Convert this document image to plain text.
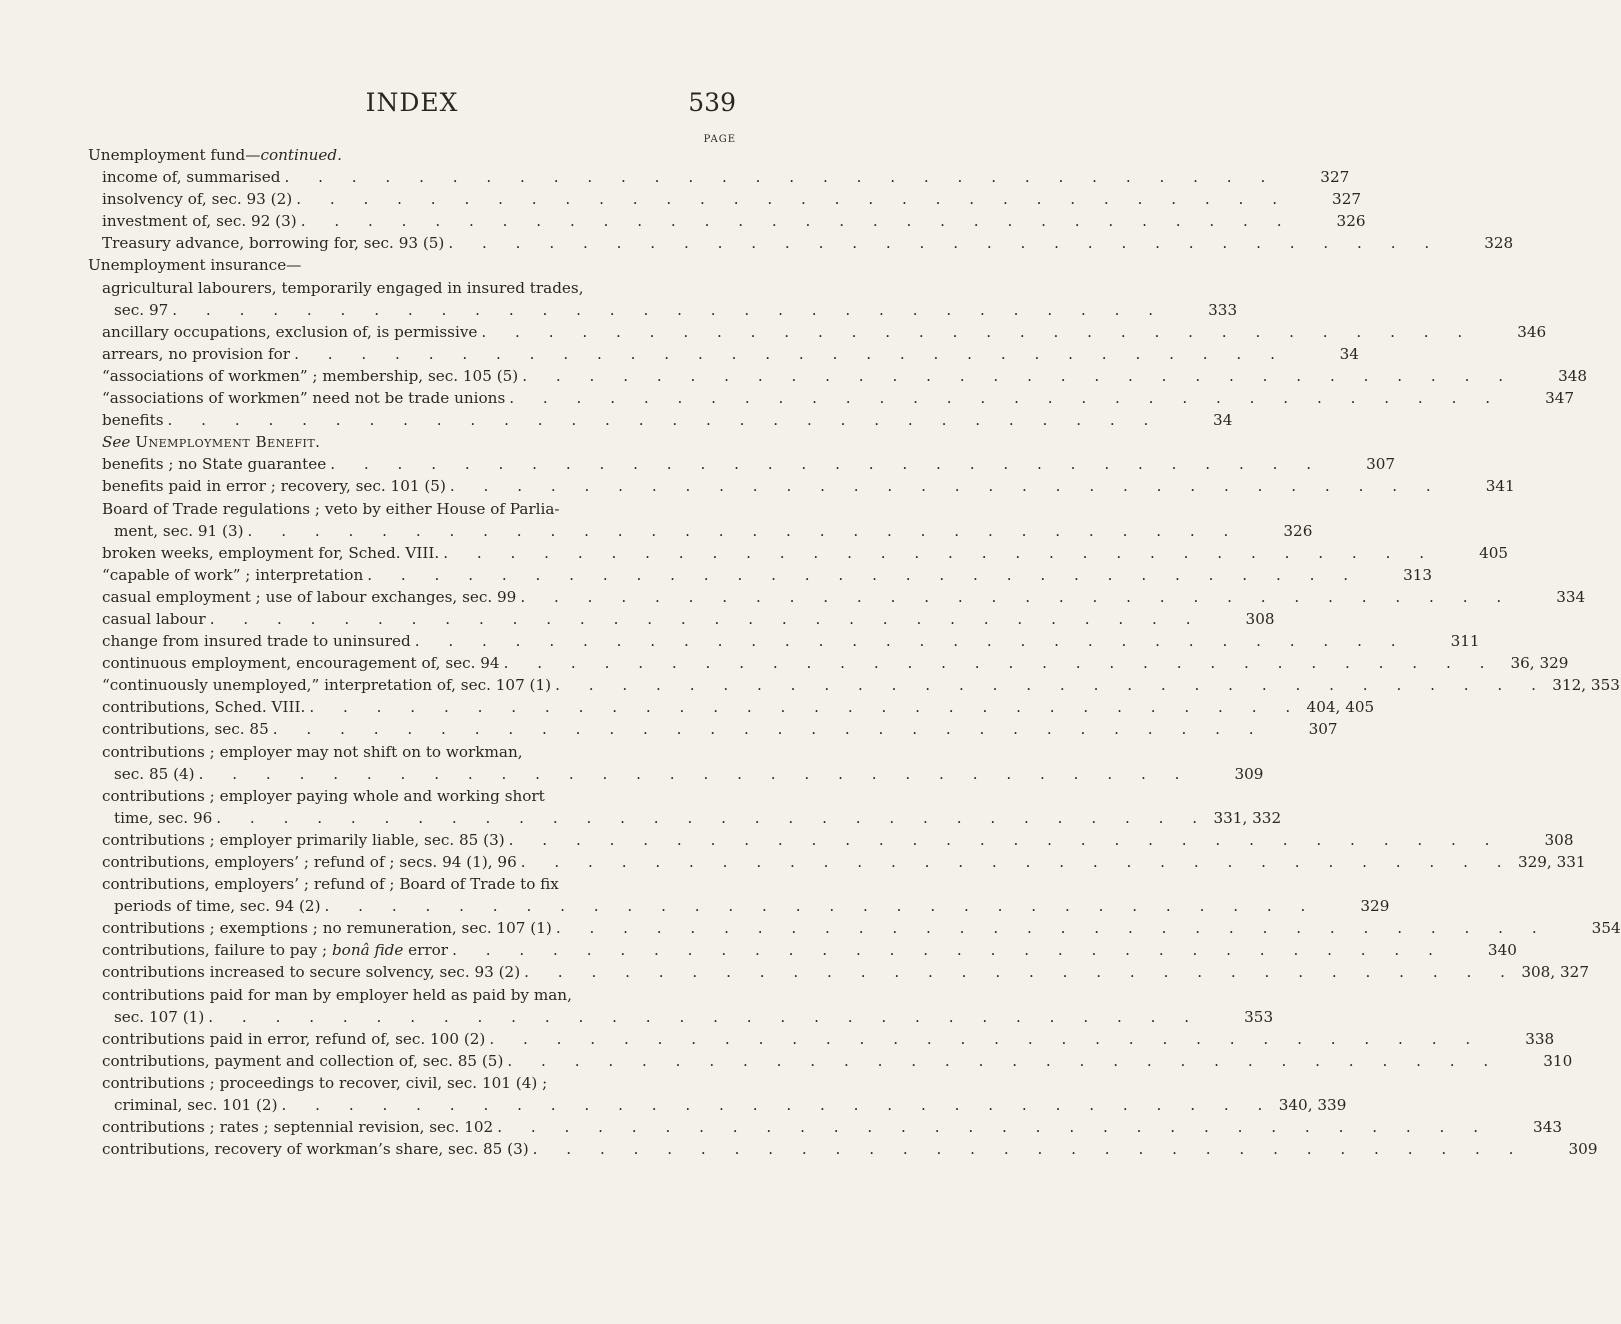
INDEX	539
PAGE
Unemployment fund—continued.
income of, summarised . . . . . . . . . . . . . . . . . . . . . . . . . . . . . .	327
insolvency of, sec. 93 (2) . . . . . . . . . . . . . . . . . . . . . . . . . . . . . .	327
investment of, sec. 92 (3) . . . . . . . . . . . . . . . . . . . . . . . . . . . . . .	326
Treasury advance, borrowing for, sec. 93 (5) . . . . . . . . . . . . . . . . . . . . . . . . . . . . . .	328
Unemployment insurance—
agricultural labourers, temporarily engaged in insured trades,
sec. 97 . . . . . . . . . . . . . . . . . . . . . . . . . . . . . .	333
ancillary occupations, exclusion of, is permissive . . . . . . . . . . . . . . . . . . . . . . . . . . . . . .	346
arrears, no provision for . . . . . . . . . . . . . . . . . . . . . . . . . . . . . .	34
“associations of workmen” ; membership, sec. 105 (5) . . . . . . . . . . . . . . . . . . . . . . . . . . . . . .	348
“associations of workmen” need not be trade unions . . . . . . . . . . . . . . . . . . . . . . . . . . . . . .	347
benefits . . . . . . . . . . . . . . . . . . . . . . . . . . . . . .	34
See Unemployment Benefit.
benefits ; no State guarantee . . . . . . . . . . . . . . . . . . . . . . . . . . . . . .	307
benefits paid in error ; recovery, sec. 101 (5) . . . . . . . . . . . . . . . . . . . . . . . . . . . . . .	341
Board of Trade regulations ; veto by either House of Parlia-
ment, sec. 91 (3) . . . . . . . . . . . . . . . . . . . . . . . . . . . . . .	326
broken weeks, employment for, Sched. VIII. . . . . . . . . . . . . . . . . . . . . . . . . . . . . . .	405
“capable of work” ; interpretation . . . . . . . . . . . . . . . . . . . . . . . . . . . . . .	313
casual employment ; use of labour exchanges, sec. 99 . . . . . . . . . . . . . . . . . . . . . . . . . . . . . .	334
casual labour . . . . . . . . . . . . . . . . . . . . . . . . . . . . . .	308
change from insured trade to uninsured . . . . . . . . . . . . . . . . . . . . . . . . . . . . . .	311
continuous employment, encouragement of, sec. 94 . . . . . . . . . . . . . . . . . . . . . . . . . . . . . . 36, 329
“continuously unemployed,” interpretation of, sec. 107 (1) . . . . . . . . . . . . . . . . . . . . . . . . . . . . . . 312, 353
contributions, Sched. VIII. . . . . . . . . . . . . . . . . . . . . . . . . . . . . . . 404, 405
contributions, sec. 85 . . . . . . . . . . . . . . . . . . . . . . . . . . . . . .	307
contributions ; employer may not shift on to workman,
sec. 85 (4) . . . . . . . . . . . . . . . . . . . . . . . . . . . . . .	309
contributions ; employer paying whole and working short
time, sec. 96 . . . . . . . . . . . . . . . . . . . . . . . . . . . . . . 331, 332
contributions ; employer primarily liable, sec. 85 (3) . . . . . . . . . . . . . . . . . . . . . . . . . . . . . .	308
contributions, employers’ ; refund of ; secs. 94 (1), 96 . . . . . . . . . . . . . . . . . . . . . . . . . . . . . . 329, 331
contributions, employers’ ; refund of ; Board of Trade to fix
periods of time, sec. 94 (2) . . . . . . . . . . . . . . . . . . . . . . . . . . . . . .	329
contributions ; exemptions ; no remuneration, sec. 107 (1) . . . . . . . . . . . . . . . . . . . . . . . . . . . . . .	354
contributions, failure to pay ; bonâ fide error . . . . . . . . . . . . . . . . . . . . . . . . . . . . . .	340
contributions increased to secure solvency, sec. 93 (2) . . . . . . . . . . . . . . . . . . . . . . . . . . . . . . 308, 327
contributions paid for man by employer held as paid by man,
sec. 107 (1) . . . . . . . . . . . . . . . . . . . . . . . . . . . . . .	353
contributions paid in error, refund of, sec. 100 (2) . . . . . . . . . . . . . . . . . . . . . . . . . . . . . .	338
contributions, payment and collection of, sec. 85 (5) . . . . . . . . . . . . . . . . . . . . . . . . . . . . . .	310
contributions ; proceedings to recover, civil, sec. 101 (4) ;
criminal, sec. 101 (2) . . . . . . . . . . . . . . . . . . . . . . . . . . . . . . 340, 339
contributions ; rates ; septennial revision, sec. 102 . . . . . . . . . . . . . . . . . . . . . . . . . . . . . .	343
contributions, recovery of workman’s share, sec. 85 (3) . . . . . . . . . . . . . . . . . . . . . . . . . . . . . .	309
